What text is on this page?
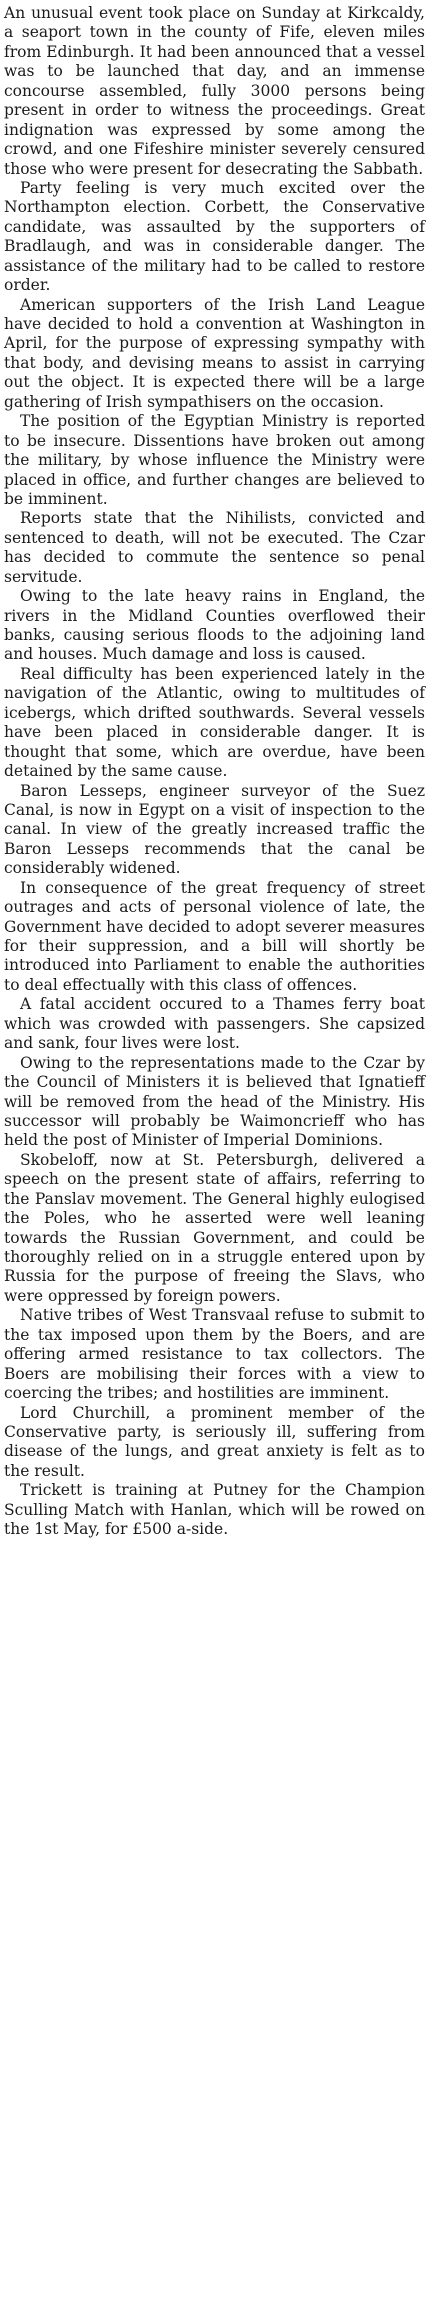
An unusual event took place on Sunday at Kirkcaldy, a seaport town in the county of Fife, eleven miles from Edinburgh. It had been announced that a vessel was to be launched that day, and an immense concourse assembled, fully 3000 persons being present in order to witness the proceedings. Great indignation was expressed by some among the crowd, and one Fifeshire minister severely censured those who were present for desecrating the Sabbath.

Party feeling is very much excited over the Northampton election. Corbett, the Conservative candidate, was assaulted by the supporters of Bradlaugh, and was in considerable danger. The assistance of the military had to be called to restore order.

American supporters of the Irish Land League have decided to hold a convention at Washington in April, for the purpose of expressing sympathy with that body, and devising means to assist in carrying out the object. It is expected there will be a large gathering of Irish sympathisers on the occasion.

The position of the Egyptian Ministry is reported to be insecure. Dissentions have broken out among the military, by whose influence the Ministry were placed in office, and further changes are believed to be imminent.

Reports state that the Nihilists, convicted and sentenced to death, will not be executed. The Czar has decided to commute the sentence so penal servitude.

Owing to the late heavy rains in England, the rivers in the Midland Counties overflowed their banks, causing serious floods to the adjoining land and houses. Much damage and loss is caused.

Real difficulty has been experienced lately in the navigation of the Atlantic, owing to multitudes of icebergs, which drifted southwards. Several vessels have been placed in considerable danger. It is thought that some, which are overdue, have been detained by the same cause.

Baron Lesseps, engineer surveyor of the Suez Canal, is now in Egypt on a visit of inspection to the canal. In view of the greatly increased traffic the Baron Lesseps recommends that the canal be considerably widened.

In consequence of the great frequency of street outrages and acts of personal violence of late, the Government have decided to adopt severer measures for their suppression, and a bill will shortly be introduced into Parliament to enable the authorities to deal effectually with this class of offences.

A fatal accident occured to a Thames ferry boat which was crowded with passengers. She capsized and sank, four lives were lost.

Owing to the representations made to the Czar by the Council of Ministers it is believed that Ignatieff will be removed from the head of the Ministry. His successor will probably be Waimoncrieff who has held the post of Minister of Imperial Dominions.

Skobeloff, now at St. Petersburgh, delivered a speech on the present state of affairs, referring to the Panslav movement. The General highly eulogised the Poles, who he asserted were well leaning towards the Russian Government, and could be thoroughly relied on in a struggle entered upon by Russia for the purpose of freeing the Slavs, who were oppressed by foreign powers.

Native tribes of West Transvaal refuse to submit to the tax imposed upon them by the Boers, and are offering armed resistance to tax collectors. The Boers are mobilising their forces with a view to coercing the tribes; and hostilities are imminent.

Lord Churchill, a prominent member of the Conservative party, is seriously ill, suffering from disease of the lungs, and great anxiety is felt as to the result.

Trickett is training at Putney for the Champion Sculling Match with Hanlan, which will be rowed on the 1st May, for £500 a-side.
